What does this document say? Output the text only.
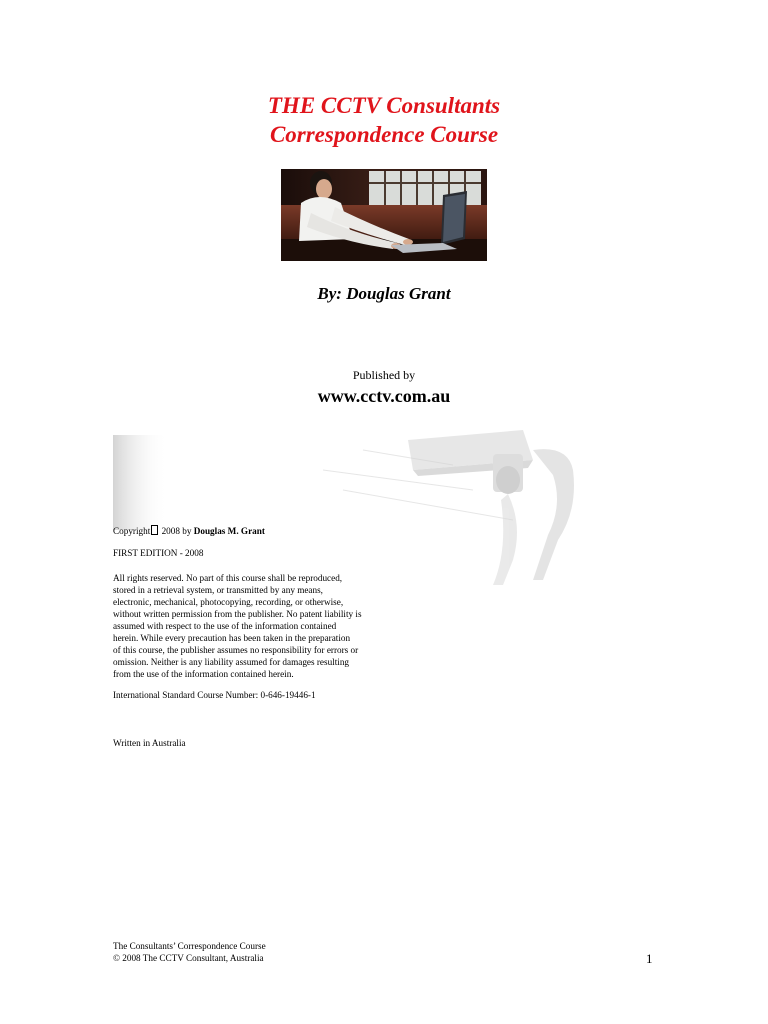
THE CCTV Consultants
Correspondence Course
By: Douglas Grant
Published by
www.cctv.com.au
Copyright 2008 by Douglas M. Grant
FIRST EDITION - 2008
All rights reserved. No part of this course shall be reproduced,
stored in a retrieval system, or transmitted by any means,
electronic, mechanical, photocopying, recording, or otherwise,
without written permission from the publisher. No patent liability is
assumed with respect to the use of the information contained
herein. While every precaution has been taken in the preparation
of this course, the publisher assumes no responsibility for errors or
omission. Neither is any liability assumed for damages resulting
from the use of the information contained herein.
International Standard Course Number: 0-646-19446-1
Written in Australia
The Consultants’ Correspondence Course
© 2008 The CCTV Consultant, Australia	1
